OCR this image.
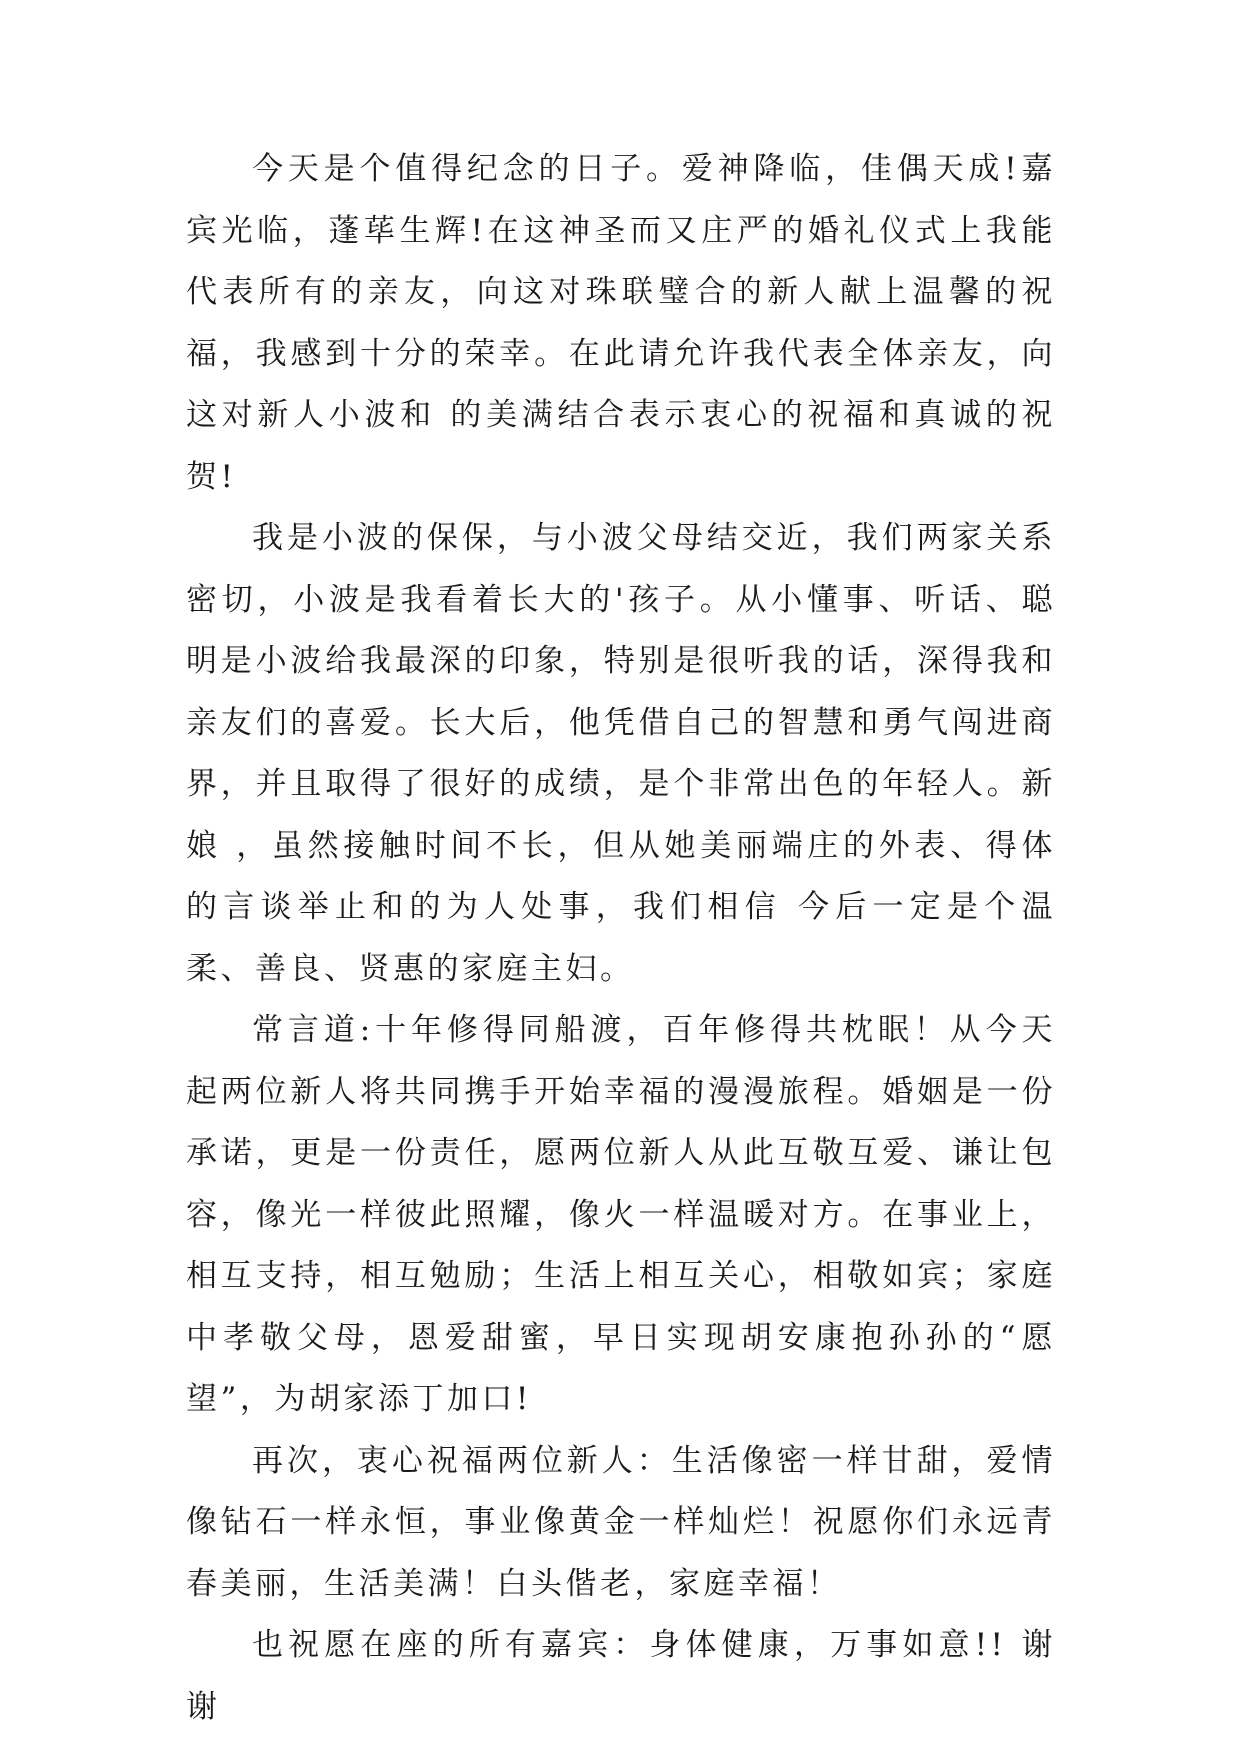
今天是个值得纪念的日子。爱神降临，佳偶天成!嘉宾光临，蓬荜生辉!在这神圣而又庄严的婚礼仪式上我能代表所有的亲友，向这对珠联璧合的新人献上温馨的祝福，我感到十分的荣幸。在此请允许我代表全体亲友，向这对新人小波和 的美满结合表示衷心的祝福和真诚的祝贺!

我是小波的保保，与小波父母结交近，我们两家关系密切，小波是我看着长大的'孩子。从小懂事、听话、聪明是小波给我最深的印象，特别是很听我的话，深得我和亲友们的喜爱。长大后，他凭借自己的智慧和勇气闯进商界，并且取得了很好的成绩，是个非常出色的年轻人。新娘 ，虽然接触时间不长，但从她美丽端庄的外表、得体的言谈举止和的为人处事，我们相信 今后一定是个温柔、善良、贤惠的家庭主妇。

常言道:十年修得同船渡，百年修得共枕眠！从今天起两位新人将共同携手开始幸福的漫漫旅程。婚姻是一份承诺，更是一份责任，愿两位新人从此互敬互爱、谦让包容，像光一样彼此照耀，像火一样温暖对方。在事业上，相互支持，相互勉励；生活上相互关心，相敬如宾；家庭中孝敬父母，恩爱甜蜜，早日实现胡安康抱孙孙的“愿望”，为胡家添丁加口!

再次，衷心祝福两位新人：生活像密一样甘甜，爱情像钻石一样永恒，事业像黄金一样灿烂！祝愿你们永远青春美丽，生活美满！白头偕老，家庭幸福！

也祝愿在座的所有嘉宾：身体健康，万事如意!! 谢谢
